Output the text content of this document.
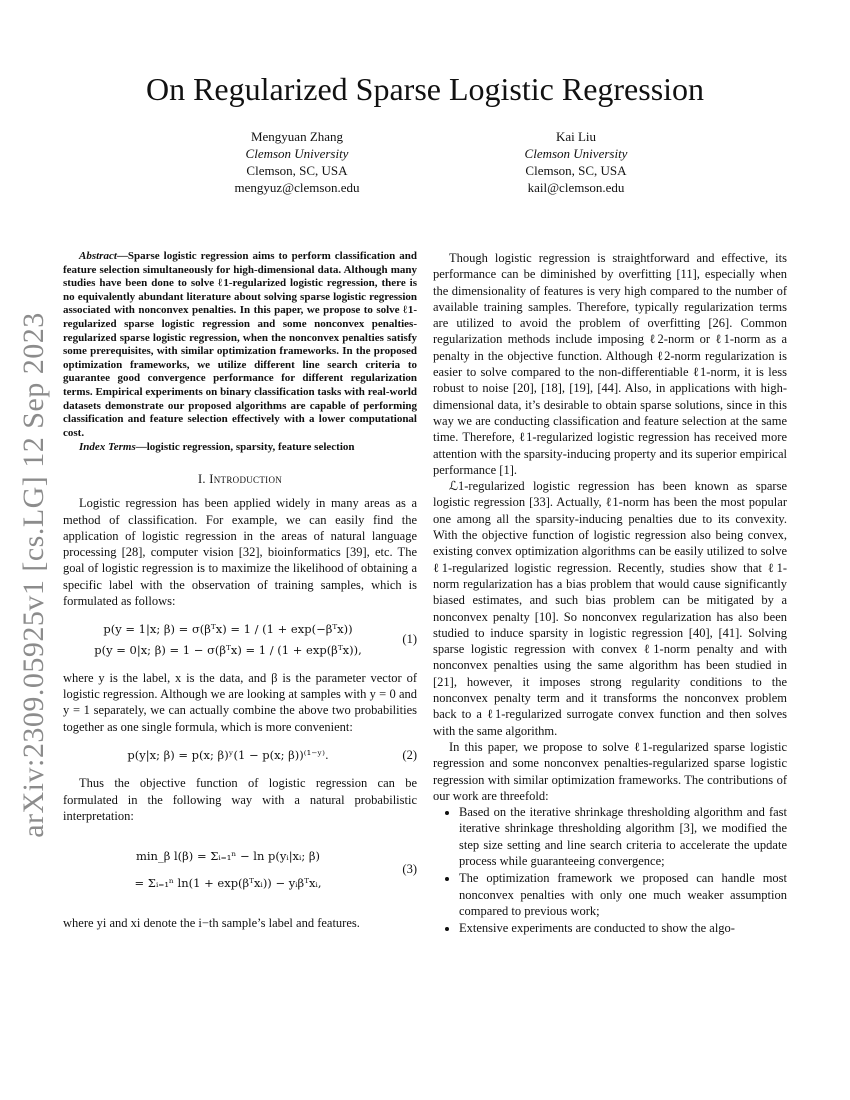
arXiv:2309.05925v1 [cs.LG] 12 Sep 2023
On Regularized Sparse Logistic Regression
Mengyuan Zhang
Clemson University
Clemson, SC, USA
mengyuz@clemson.edu
Kai Liu
Clemson University
Clemson, SC, USA
kail@clemson.edu

Abstract—Sparse logistic regression aims to perform classification and feature selection simultaneously for high-dimensional data. Although many studies have been done to solve ℓ1-regularized logistic regression, there is no equivalently abundant literature about solving sparse logistic regression associated with nonconvex penalties. In this paper, we propose to solve ℓ1-regularized sparse logistic regression and some nonconvex penalties-regularized sparse logistic regression, when the nonconvex penalties satisfy some prerequisites, with similar optimization frameworks. In the proposed optimization frameworks, we utilize different line search criteria to guarantee good convergence performance for different regularization terms. Empirical experiments on binary classification tasks with real-world datasets demonstrate our proposed algorithms are capable of performing classification and feature selection effectively with a lower computational cost.

Index Terms—logistic regression, sparsity, feature selection

I. Introduction

Logistic regression has been applied widely in many areas as a method of classification. For example, we can easily find the application of logistic regression in the areas of natural language processing [28], computer vision [32], bioinformatics [39], etc. The goal of logistic regression is to maximize the likelihood of obtaining a specific label with the observation of training samples, which is formulated as follows:

p(y = 1|x; β) = σ(βᵀx) = 1 / (1 + exp(−βᵀx))
p(y = 0|x; β) = 1 − σ(βᵀx) = 1 / (1 + exp(βᵀx)),
(1)

where y is the label, x is the data, and β is the parameter vector of logistic regression. Although we are looking at samples with y = 0 and y = 1 separately, we can actually combine the above two probabilities together as one single formula, which is more convenient:

p(y|x; β) = p(x; β)ʸ(1 − p(x; β))⁽¹⁻ʸ⁾.	(2)

Thus the objective function of logistic regression can be formulated in the following way with a natural probabilistic interpretation:

min_β l(β) = Σᵢ₌₁ⁿ − ln p(yᵢ|xᵢ; β)
= Σᵢ₌₁ⁿ ln(1 + exp(βᵀxᵢ)) − yᵢβᵀxᵢ,
(3)

where yi and xi denote the i−th sample’s label and features.

Though logistic regression is straightforward and effective, its performance can be diminished by overfitting [11], especially when the dimensionality of features is very high compared to the number of available training samples. Therefore, typically regularization terms are utilized to avoid the problem of overfitting [26]. Common regularization methods include imposing ℓ2-norm or ℓ1-norm as a penalty in the objective function. Although ℓ2-norm regularization is easier to solve compared to the non-differentiable ℓ1-norm, it is less robust to noise [20], [18], [19], [44]. Also, in applications with high-dimensional data, it’s desirable to obtain sparse solutions, since in this way we are conducting classification and feature selection at the same time. Therefore, ℓ1-regularized logistic regression has received more attention with the sparsity-inducing property and its superior empirical performance [1].

ℒ1-regularized logistic regression has been known as sparse logistic regression [33]. Actually, ℓ1-norm has been the most popular one among all the sparsity-inducing penalties due to its convexity. With the objective function of logistic regression also being convex, existing convex optimization algorithms can be easily utilized to solve ℓ1-regularized logistic regression. Recently, studies show that ℓ1-norm regularization has a bias problem that would cause significantly biased estimates, and such bias problem can be mitigated by a nonconvex penalty [10]. So nonconvex regularization has also been studied to induce sparsity in logistic regression [40], [41]. Solving sparse logistic regression with convex ℓ1-norm penalty and with nonconvex penalties using the same algorithm has been studied in [21], however, it imposes strong regularity conditions to the nonconvex penalty term and it transforms the nonconvex problem back to a ℓ1-regularized surrogate convex function and then solves with the same algorithm.

In this paper, we propose to solve ℓ1-regularized sparse logistic regression and some nonconvex penalties-regularized sparse logistic regression with similar optimization frameworks. The contributions of our work are threefold:

• Based on the iterative shrinkage thresholding algorithm and fast iterative shrinkage thresholding algorithm [3], we modified the step size setting and line search criteria to accelerate the update process while guaranteeing convergence;
• The optimization framework we proposed can handle most nonconvex penalties with only one much weaker assumption compared to previous work;
• Extensive experiments are conducted to show the algo-
